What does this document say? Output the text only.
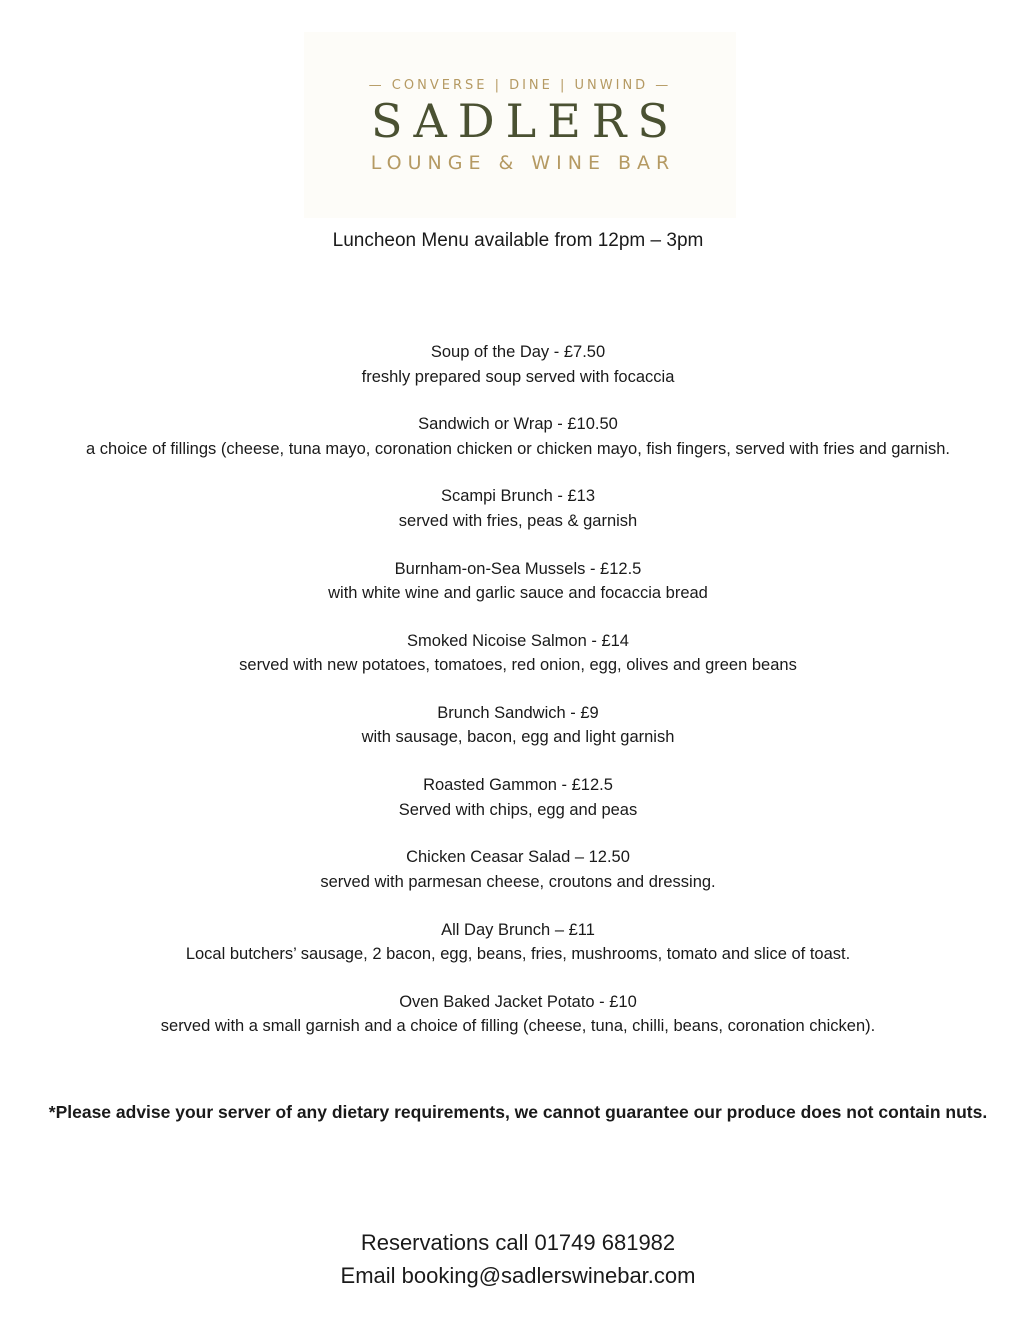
— CONVERSE | DINE | UNWIND —
SADLERS
LOUNGE & WINE BAR
Luncheon Menu available from 12pm – 3pm
Soup of the Day - £7.50
freshly prepared soup served with focaccia
Sandwich or Wrap - £10.50
a choice of fillings (cheese, tuna mayo, coronation chicken or chicken mayo, fish fingers, served with fries and garnish.
Scampi Brunch - £13
served with fries, peas & garnish
Burnham-on-Sea Mussels - £12.5
with white wine and garlic sauce and focaccia bread
Smoked Nicoise Salmon - £14
served with new potatoes, tomatoes, red onion, egg, olives and green beans
Brunch Sandwich - £9
with sausage, bacon, egg and light garnish
Roasted Gammon - £12.5
Served with chips, egg and peas
Chicken Ceasar Salad – 12.50
served with parmesan cheese, croutons and dressing.
All Day Brunch – £11
Local butchers’ sausage, 2 bacon, egg, beans, fries, mushrooms, tomato and slice of toast.
Oven Baked Jacket Potato - £10
served with a small garnish and a choice of filling (cheese, tuna, chilli, beans, coronation chicken).
*Please advise your server of any dietary requirements, we cannot guarantee our produce does not contain nuts.
Reservations call 01749 681982
Email booking@sadlerswinebar.com
